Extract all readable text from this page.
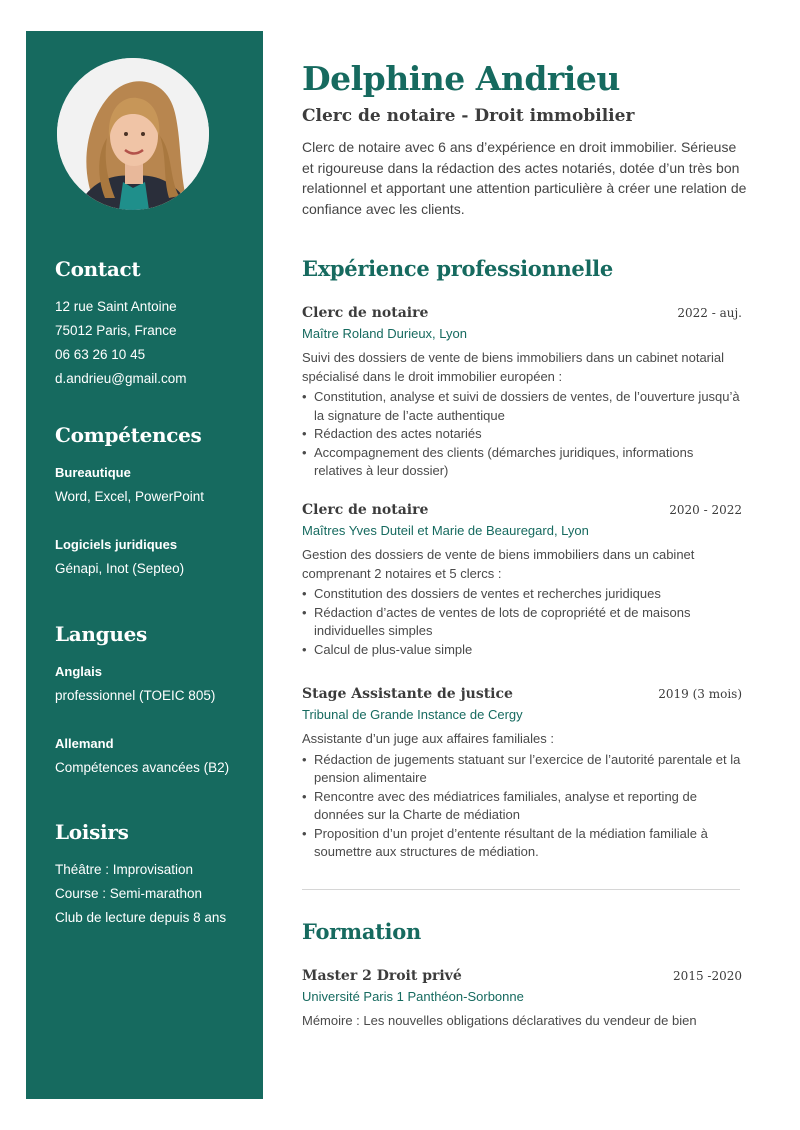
Contact
12 rue Saint Antoine
75012 Paris, France
06 63 26 10 45
d.andrieu@gmail.com
Compétences
Bureautique
Word, Excel, PowerPoint
Logiciels juridiques
Génapi, Inot (Septeo)
Langues
Anglais
professionnel (TOEIC 805)
Allemand
Compétences avancées (B2)
Loisirs
Théâtre : Improvisation
Course : Semi-marathon
Club de lecture depuis 8 ans
Delphine Andrieu
Clerc de notaire - Droit immobilier
Clerc de notaire avec 6 ans d’expérience en droit immobilier. Sérieuse et rigoureuse dans la rédaction des actes notariés, dotée d’un très bon relationnel et apportant une attention particulière à créer une relation de confiance avec les clients.
Expérience professionnelle
Clerc de notaire	2022 - auj.
Maître Roland Durieux, Lyon
Suivi des dossiers de vente de biens immobiliers dans un cabinet notarial spécialisé dans le droit immobilier européen :
• Constitution, analyse et suivi de dossiers de ventes, de l’ouverture jusqu’à la signature de l’acte authentique
• Rédaction des actes notariés
• Accompagnement des clients (démarches juridiques, informations relatives à leur dossier)
Clerc de notaire	2020 - 2022
Maîtres Yves Duteil et Marie de Beauregard, Lyon
Gestion des dossiers de vente de biens immobiliers dans un cabinet comprenant 2 notaires et 5 clercs :
• Constitution des dossiers de ventes et recherches juridiques
• Rédaction d’actes de ventes de lots de copropriété et de maisons individuelles simples
• Calcul de plus-value simple
Stage Assistante de justice	2019 (3 mois)
Tribunal de Grande Instance de Cergy
Assistante d’un juge aux affaires familiales :
• Rédaction de jugements statuant sur l’exercice de l’autorité parentale et la pension alimentaire
• Rencontre avec des médiatrices familiales, analyse et reporting de données sur la Charte de médiation
• Proposition d’un projet d’entente résultant de la médiation familiale à soumettre aux structures de médiation.
Formation
Master 2 Droit privé	2015 -2020
Université Paris 1 Panthéon-Sorbonne
Mémoire : Les nouvelles obligations déclaratives du vendeur de bien
